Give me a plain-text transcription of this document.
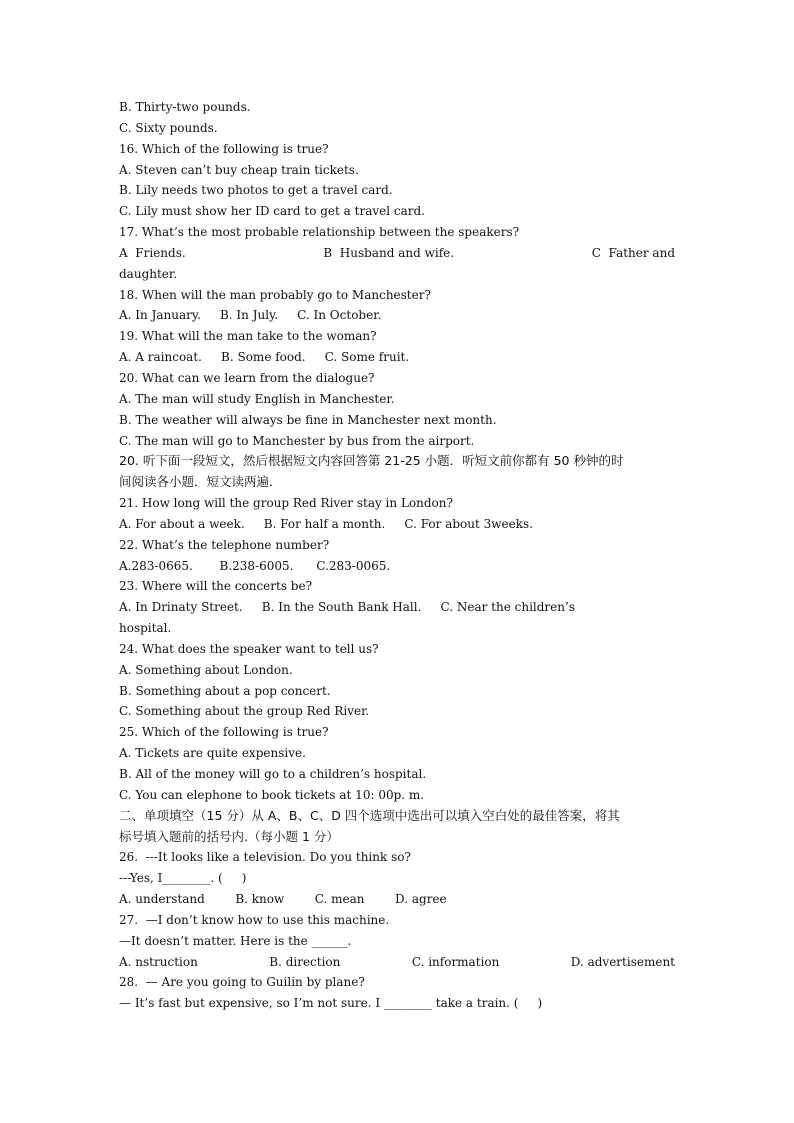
B. Thirty-two pounds.
C. Sixty pounds.
16. Which of the following is true?
A. Steven can’t buy cheap train tickets.
B. Lily needs two photos to get a travel card.
C. Lily must show her ID card to get a travel card.
17. What’s the most probable relationship between the speakers?
A  Friends.	B  Husband and wife.	C  Father and
daughter.
18. When will the man probably go to Manchester?
A. In January.     B. In July.     C. In October.
19. What will the man take to the woman?
A. A raincoat.     B. Some food.     C. Some fruit.
20. What can we learn from the dialogue?
A. The man will study English in Manchester.
B. The weather will always be fine in Manchester next month.
C. The man will go to Manchester by bus from the airport.
20. 听下面一段短文，然后根据短文内容回答第 21-25 小题．听短文前你都有 50 秒钟的时
间阅读各小题．短文读两遍．
21. How long will the group Red River stay in London?
A. For about a week.     B. For half a month.     C. For about 3weeks.
22. What’s the telephone number?
A.283-0665.       B.238-6005.      C.283-0065.
23. Where will the concerts be?
A. In Drinaty Street.     B. In the South Bank Hall.     C. Near the children’s
hospital.
24. What does the speaker want to tell us?
A. Something about London.
B. Something about a pop concert.
C. Something about the group Red River.
25. Which of the following is true?
A. Tickets are quite expensive.
B. All of the money will go to a children’s hospital.
C. You can elephone to book tickets at 10: 00p. m.
二、单项填空（15 分）从 A、B、C、D 四个选项中选出可以填入空白处的最佳答案，将其
标号填入题前的括号内.（每小题 1 分）
26.  ---It looks like a television. Do you think so?
---Yes, I________. (     )
A. understand        B. know        C. mean        D. agree
27.  —I don’t know how to use this machine.
—It doesn’t matter. Here is the ______.
A. nstruction	B. direction	C. information	D. advertisement
28.  — Are you going to Guilin by plane?
— It’s fast but expensive, so I’m not sure. I ________ take a train. (     )
